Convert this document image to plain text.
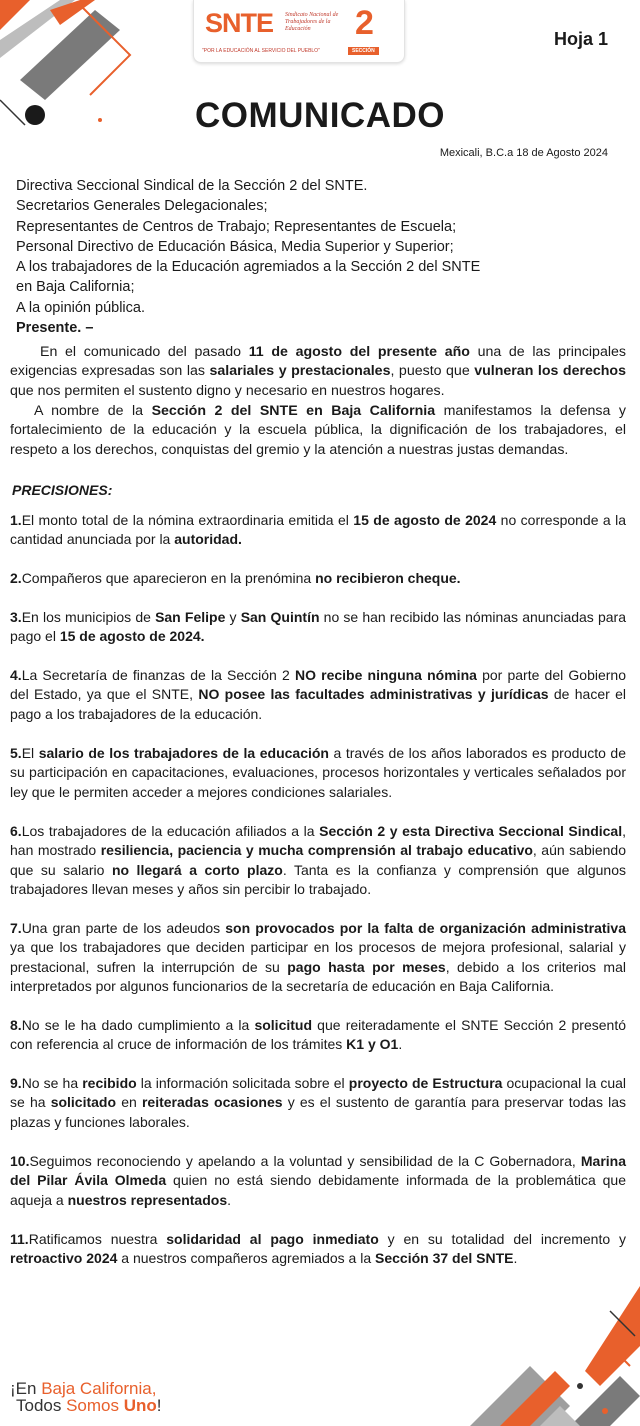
SNTE Sindicato Nacional de Trabajadores de la Educación	2
SECCIÓN
"POR LA EDUCACIÓN AL SERVICIO DEL PUEBLO"
Hoja 1
COMUNICADO
Mexicali, B.C.a 18 de Agosto 2024
Directiva Seccional Sindical de la Sección 2 del SNTE.
Secretarios Generales Delegacionales;
Representantes de Centros de Trabajo; Representantes de Escuela;
Personal Directivo de Educación Básica, Media Superior y Superior;
A los trabajadores de la Educación agremiados a la Sección 2 del SNTE
en Baja California;
A la opinión pública.
Presente. –
En el comunicado del pasado 11 de agosto del presente año una de las principales exigencias expresadas son las salariales y prestacionales, puesto que vulneran los derechos que nos permiten el sustento digno y necesario en nuestros hogares.
A nombre de la Sección 2 del SNTE en Baja California manifestamos la defensa y fortalecimiento de la educación y la escuela pública, la dignificación de los trabajadores, el respeto a los derechos, conquistas del gremio y la atención a nuestras justas demandas.
PRECISIONES:
1.El monto total de la nómina extraordinaria emitida el 15 de agosto de 2024 no corresponde a la cantidad anunciada por la autoridad.
2.Compañeros que aparecieron en la prenómina no recibieron cheque.
3.En los municipios de San Felipe y San Quintín no se han recibido las nóminas anunciadas para pago el 15 de agosto de 2024.
4.La Secretaría de finanzas de la Sección 2 NO recibe ninguna nómina por parte del Gobierno del Estado, ya que el SNTE, NO posee las facultades administrativas y jurídicas de hacer el pago a los trabajadores de la educación.
5.El salario de los trabajadores de la educación a través de los años laborados es producto de su participación en capacitaciones, evaluaciones, procesos horizontales y verticales señalados por ley que le permiten acceder a mejores condiciones salariales.
6.Los trabajadores de la educación afiliados a la Sección 2 y esta Directiva Seccional Sindical, han mostrado resiliencia, paciencia y mucha comprensión al trabajo educativo, aún sabiendo que su salario no llegará a corto plazo. Tanta es la confianza y comprensión que algunos trabajadores llevan meses y años sin percibir lo trabajado.
7.Una gran parte de los adeudos son provocados por la falta de organización administrativa ya que los trabajadores que deciden participar en los procesos de mejora profesional, salarial y prestacional, sufren la interrupción de su pago hasta por meses, debido a los criterios mal interpretados por algunos funcionarios de la secretaría de educación en Baja California.
8.No se le ha dado cumplimiento a la solicitud que reiteradamente el SNTE Sección 2 presentó con referencia al cruce de información de los trámites K1 y O1.
9.No se ha recibido la información solicitada sobre el proyecto de Estructura ocupacional la cual se ha solicitado en reiteradas ocasiones y es el sustento de garantía para preservar todas las plazas y funciones laborales.
10.Seguimos reconociendo y apelando a la voluntad y sensibilidad de la C Gobernadora, Marina del Pilar Ávila Olmeda quien no está siendo debidamente informada de la problemática que aqueja a nuestros representados.
11.Ratificamos nuestra solidaridad al pago inmediato y en su totalidad del incremento y retroactivo 2024 a nuestros compañeros agremiados a la Sección 37 del SNTE.
¡En Baja California,
Todos Somos Uno!
